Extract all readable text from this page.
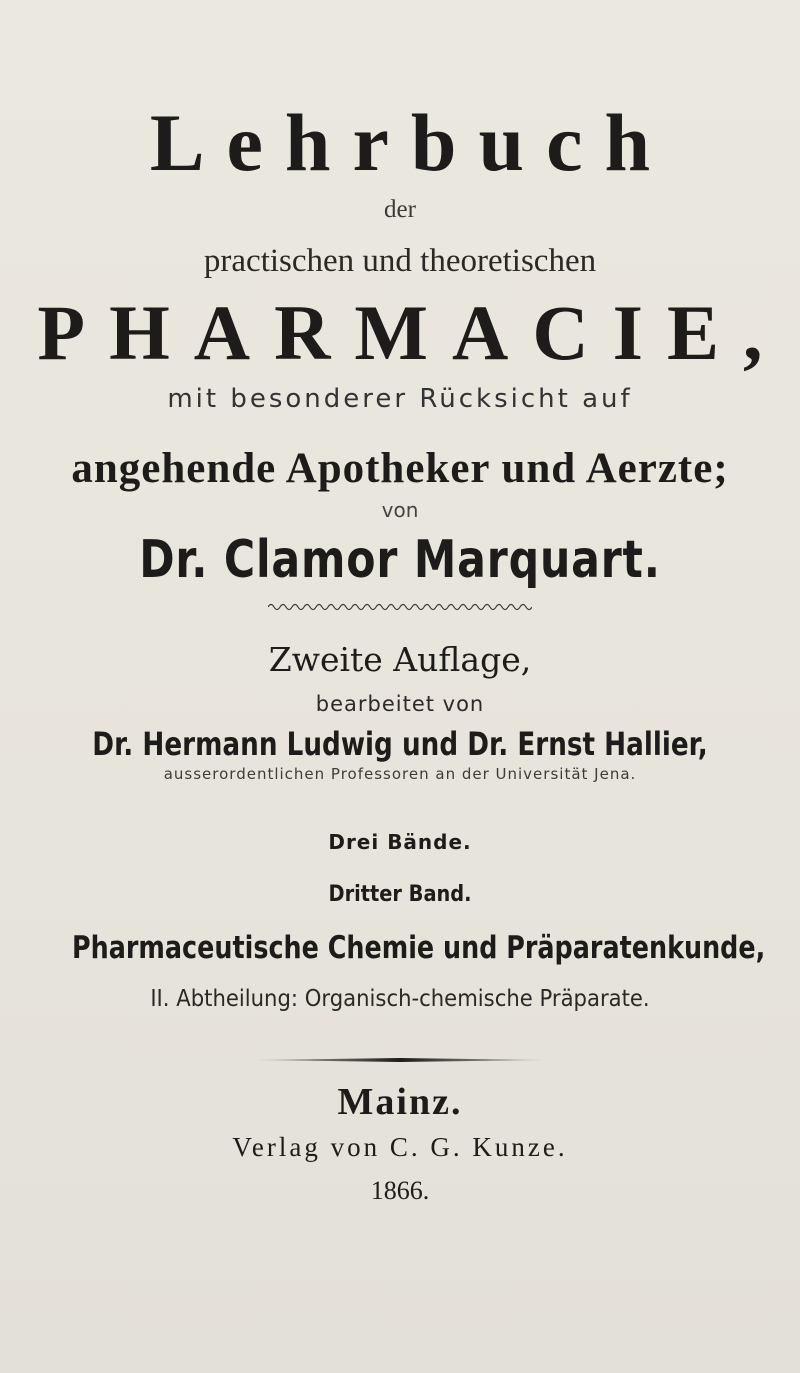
Lehrbuch
der
practischen und theoretischen
PHARMACIE,
mit besonderer Rücksicht auf
angehende Apotheker und Aerzte;
von
Dr. Clamor Marquart.
Zweite Auflage,
bearbeitet von
Dr. Hermann Ludwig und Dr. Ernst Hallier,
ausserordentlichen Professoren an der Universität Jena.
Drei Bände.
Dritter Band.
Pharmaceutische Chemie und Präparatenkunde,
II. Abtheilung: Organisch-chemische Präparate.
Mainz.
Verlag von C. G. Kunze.
1866.
